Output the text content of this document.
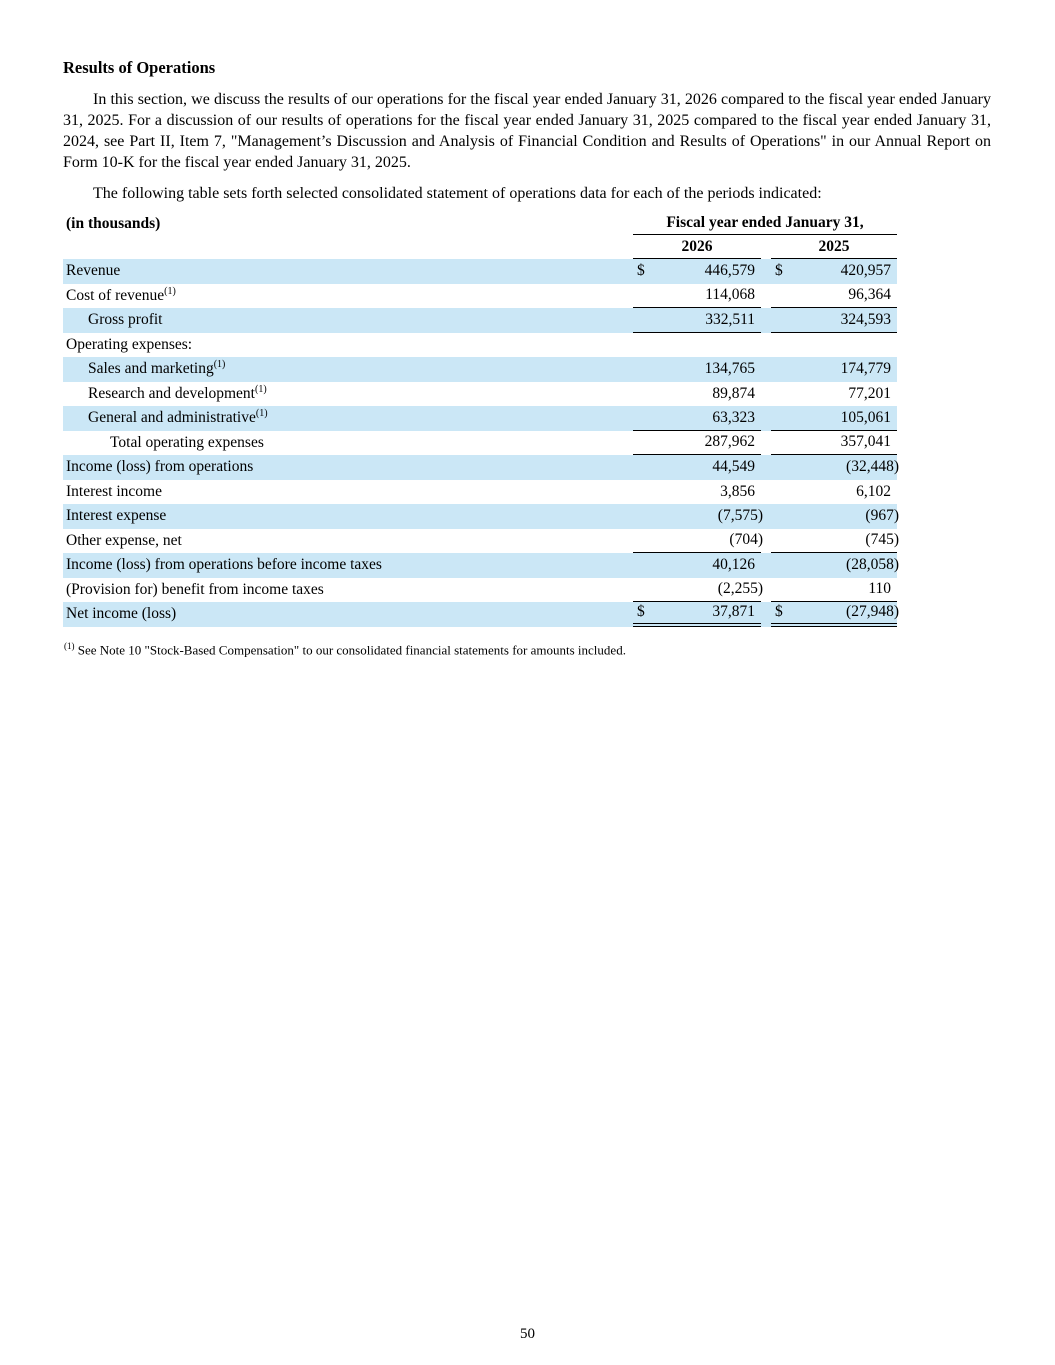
Results of Operations

In this section, we discuss the results of our operations for the fiscal year ended January 31, 2026 compared to the fiscal year ended January 31, 2025. For a discussion of our results of operations for the fiscal year ended January 31, 2025 compared to the fiscal year ended January 31, 2024, see Part II, Item 7, "Management’s Discussion and Analysis of Financial Condition and Results of Operations" in our Annual Report on Form 10-K for the fiscal year ended January 31, 2025.

The following table sets forth selected consolidated statement of operations data for each of the periods indicated:

(in thousands)	Fiscal year ended January 31,
2026	2025
Revenue	$	446,579	$	420,957
Cost of revenue$^{(1)}$	114,068	96,364
Gross profit	332,511	324,593
Operating expenses:
Sales and marketing$^{(1)}$	134,765	174,779
Research and development$^{(1)}$	89,874	77,201
General and administrative$^{(1)}$	63,323	105,061
Total operating expenses	287,962	357,041
Income (loss) from operations	44,549	(32,448)
Interest income	3,856	6,102
Interest expense	(7,575)	(967)
Other expense, net	(704)	(745)
Income (loss) from operations before income taxes	40,126	(28,058)
(Provision for) benefit from income taxes	(2,255)	110
Net income (loss)	$	37,871	$	(27,948)
$^{(1)}$ See Note 10 "Stock-Based Compensation" to our consolidated financial statements for amounts included.
50
